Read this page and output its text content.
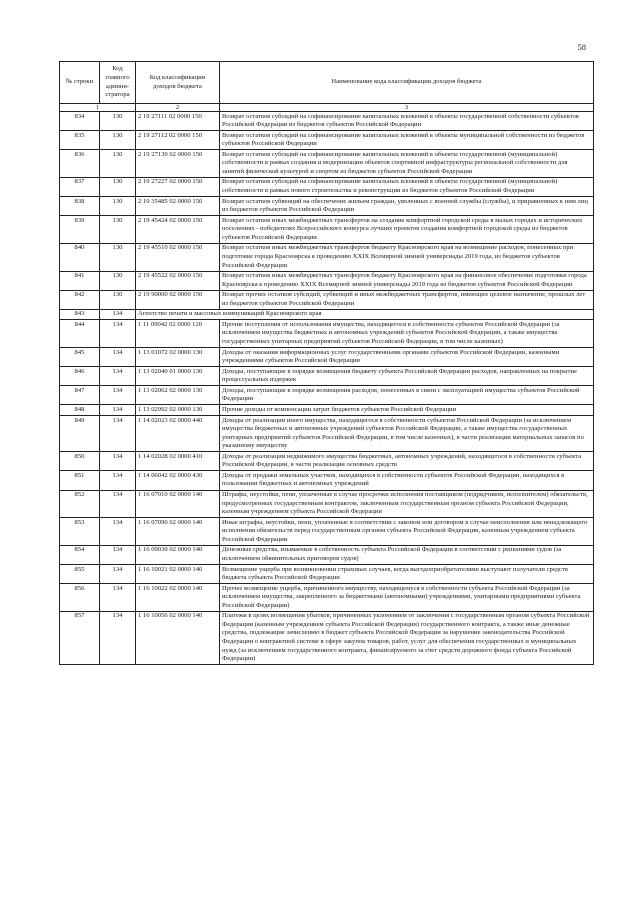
58
№ строки	Код главного админи-стратора	Код классификации доходов бюджета	Наименование кода классификации доходов бюджета
1		2	3
834	130	2 19 27111 02 0000 150	Возврат остатков субсидий на софинансирование капитальных вложений в объекты государственной собственности субъектов Российской Федерации из бюджетов субъектов Российской Федерации
835	130	2 19 27112 02 0000 150	Возврат остатков субсидий на софинансирование капитальных вложений в объекты муниципальной собственности из бюджетов субъектов Российской Федерации
836	130	2 19 27139 02 0000 150	Возврат остатков субсидий на софинансирование капитальных вложений в объекты государственной (муниципальной) собственности в рамках создания и модернизации объектов спортивной инфраструктуры региональной собственности для занятий физической культурой и спортом из бюджетов субъектов Российской Федерации
837	130	2 19 27227 02 0000 150	Возврат остатков субсидий на софинансирование капитальных вложений в объекты государственной (муниципальной) собственности в рамках нового строительства и реконструкции из бюджетов субъектов Российской Федерации
838	130	2 19 35485 02 0000 150	Возврат остатков субвенций на обеспечение жильем граждан, уволенных с военной службы (службы), и приравненных к ним лиц из бюджетов субъектов Российской Федерации
839	130	2 19 45424 02 0000 150	Возврат остатков иных межбюджетных трансфертов на создание комфортной городской среды в малых городах и исторических поселениях - победителях Всероссийского конкурса лучших проектов создания комфортной городской среды из бюджетов субъектов Российской Федерации
840	130	2 19 45510 02 0000 150	Возврат остатков иных межбюджетных трансфертов бюджету Красноярского края на возмещение расходов, понесенных при подготовке города Красноярска к проведению XXIX Всемирной зимней универсиады 2019 года, из бюджетов субъектов Российской Федерации
841	130	2 19 45522 02 0000 150	Возврат остатков иных межбюджетных трансфертов бюджету Красноярского края на финансовое обеспечение подготовки города Красноярска к проведению XXIX Всемирной зимней универсиады 2019 года из бюджетов субъектов Российской Федерации
842	130	2 19 90000 02 0000 150	Возврат прочих остатков субсидий, субвенций и иных межбюджетных трансфертов, имеющих целевое назначение, прошлых лет из бюджетов субъектов Российской Федерации
843	134	Агентство печати и массовых коммуникаций Красноярского края	
844	134	1 11 09042 02 0000 120	Прочие поступления от использования имущества, находящегося в собственности субъектов Российской Федерации (за исключением имущества бюджетных и автономных учреждений субъектов Российской Федерации, а также имущества государственных унитарных предприятий субъектов Российской Федерации, в том числе казенных)
845	134	1 13 01072 02 0000 130	Доходы от оказания информационных услуг государственными органами субъектов Российской Федерации, казенными учреждениями субъектов Российской Федерации
846	134	1 13 02040 01 0000 130	Доходы, поступающие в порядке возмещения бюджету субъекта Российской Федерации расходов, направленных на покрытие процессуальных издержек
847	134	1 13 02062 02 0000 130	Доходы, поступающие в порядке возмещения расходов, понесенных в связи с эксплуатацией имущества субъектов Российской Федерации
848	134	1 13 02992 02 0000 130	Прочие доходы от компенсации затрат бюджетов субъектов Российской Федерации
849	134	1 14 02023 02 0000 440	Доходы от реализации иного имущества, находящегося в собственности субъектов Российской Федерации (за исключением имущества бюджетных и автономных учреждений субъектов Российской Федерации, а также имущества государственных унитарных предприятий субъектов Российской Федерации, в том числе казенных), в части реализации материальных запасов по указанному имуществу
850	134	1 14 02028 02 0000 410	Доходы от реализации недвижимого имущества бюджетных, автономных учреждений, находящегося в собственности субъекта Российской Федерации, в части реализации основных средств
851	134	1 14 06042 02 0000 430	Доходы от продажи земельных участков, находящихся в собственности субъектов Российской Федерации, находящихся в пользовании бюджетных и автономных учреждений
852	134	1 16 07010 02 0000 140	Штрафы, неустойки, пени, уплаченные в случае просрочки исполнения поставщиком (подрядчиком, исполнителем) обязательств, предусмотренных государственным контрактом, заключенным государственным органом субъекта Российской Федерации, казенным учреждением субъекта Российской Федерации
853	134	1 16 07090 02 0000 140	Иные штрафы, неустойки, пени, уплаченные в соответствии с законом или договором в случае неисполнения или ненадлежащего исполнения обязательств перед государственным органом субъекта Российской Федерации, казенным учреждением субъекта Российской Федерации
854	134	1 16 09030 02 0000 140	Денежные средства, изымаемые в собственность субъекта Российской Федерации в соответствии с решениями судов (за исключением обвинительных приговоров судов)
855	134	1 16 10021 02 0000 140	Возмещение ущерба при возникновении страховых случаев, когда выгодоприобретателями выступают получатели средств бюджета субъекта Российской Федерации
856	134	1 16 10022 02 0000 140	Прочее возмещение ущерба, причиненного имуществу, находящемуся в собственности субъекта Российской Федерации (за исключением имущества, закрепленного за бюджетными (автономными) учреждениями, унитарными предприятиями субъекта Российской Федерации)
857	134	1 16 10056 02 0000 140	Платежи в целях возмещения убытков, причиненных уклонением от заключения с государственным органом субъекта Российской Федерации (казенным учреждением субъекта Российской Федерации) государственного контракта, а также иные денежные средства, подлежащие зачислению в бюджет субъекта Российской Федерации за нарушение законодательства Российской Федерации о контрактной системе в сфере закупок товаров, работ, услуг для обеспечения государственных и муниципальных нужд (за исключением государственного контракта, финансируемого за счет средств дорожного фонда субъекта Российской Федерации)
